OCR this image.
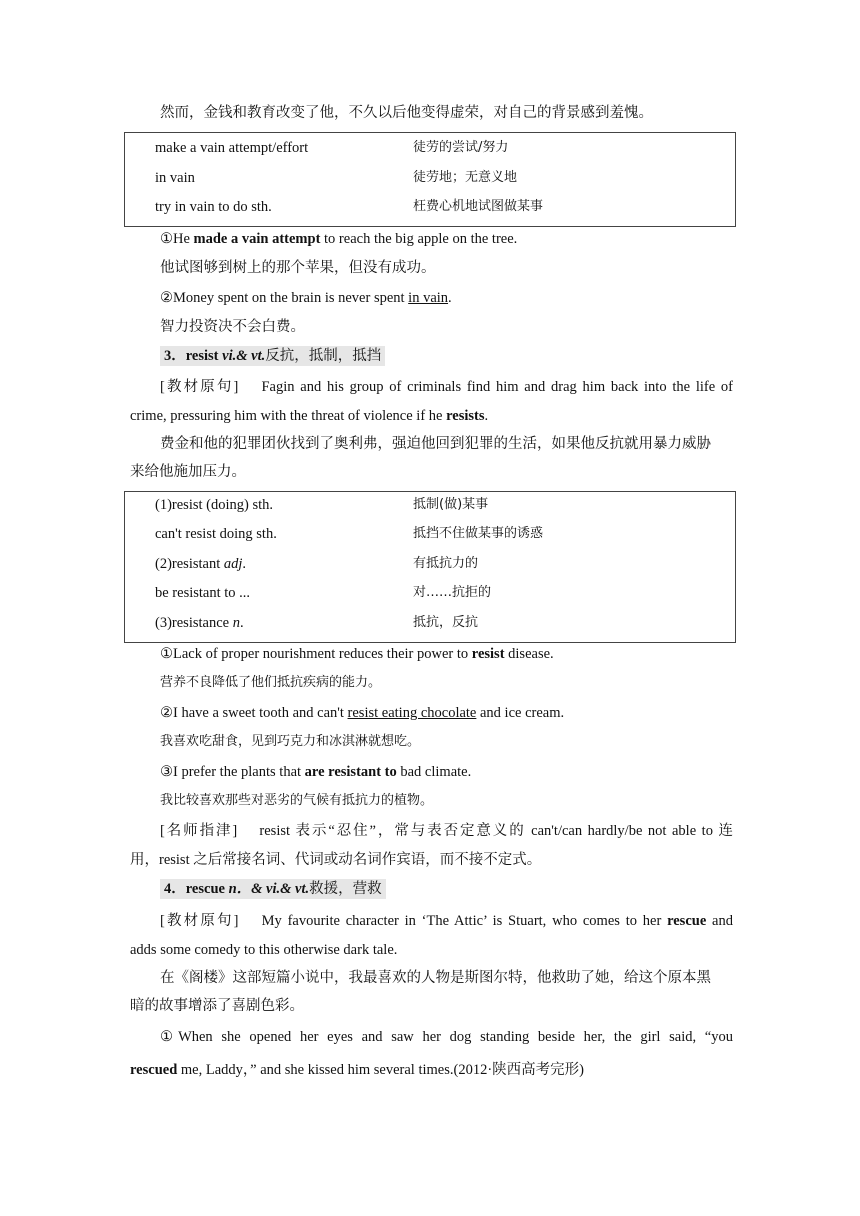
然而，金钱和教育改变了他，不久以后他变得虚荣，对自己的背景感到羞愧。
make a vain attempt/effort	徒劳的尝试/努力
in vain	徒劳地；无意义地
try in vain to do sth.	枉费心机地试图做某事
①He made a vain attempt to reach the big apple on the tree.
他试图够到树上的那个苹果，但没有成功。
②Money spent on the brain is never spent in vain.
智力投资决不会白费。
3．resist vi.& vt.反抗，抵制，抵挡
[教材原句] Fagin and his group of criminals find him and drag him back into the life of
crime, pressuring him with the threat of violence if he resists.
费金和他的犯罪团伙找到了奥利弗，强迫他回到犯罪的生活，如果他反抗就用暴力威胁
来给他施加压力。
(1)resist (doing) sth.	抵制(做)某事
can't resist doing sth.	抵挡不住做某事的诱惑
(2)resistant adj.	有抵抗力的
be resistant to ...	对……抗拒的
(3)resistance n.	抵抗，反抗
①Lack of proper nourishment reduces their power to resist disease.
营养不良降低了他们抵抗疾病的能力。
②I have a sweet tooth and can't resist eating chocolate and ice cream.
我喜欢吃甜食，见到巧克力和冰淇淋就想吃。
③I prefer the plants that are resistant to bad climate.
我比较喜欢那些对恶劣的气候有抵抗力的植物。
[名师指津] resist 表示“忍住”，常与表否定意义的 can't/can hardly/be not able to 连
用，resist 之后常接名词、代词或动名词作宾语，而不接不定式。
4．rescue n．& vi.& vt.救援，营救
[教材原句] My favourite character in ‘The Attic’ is Stuart, who comes to her rescue and
adds some comedy to this otherwise dark tale.
在《阁楼》这部短篇小说中，我最喜欢的人物是斯图尔特，他救助了她，给这个原本黑
暗的故事增添了喜剧色彩。
①When she opened her eyes and saw her dog standing beside her, the girl said, “you
rescued me, Laddy，” and she kissed him several times.(2012·陕西高考完形)
